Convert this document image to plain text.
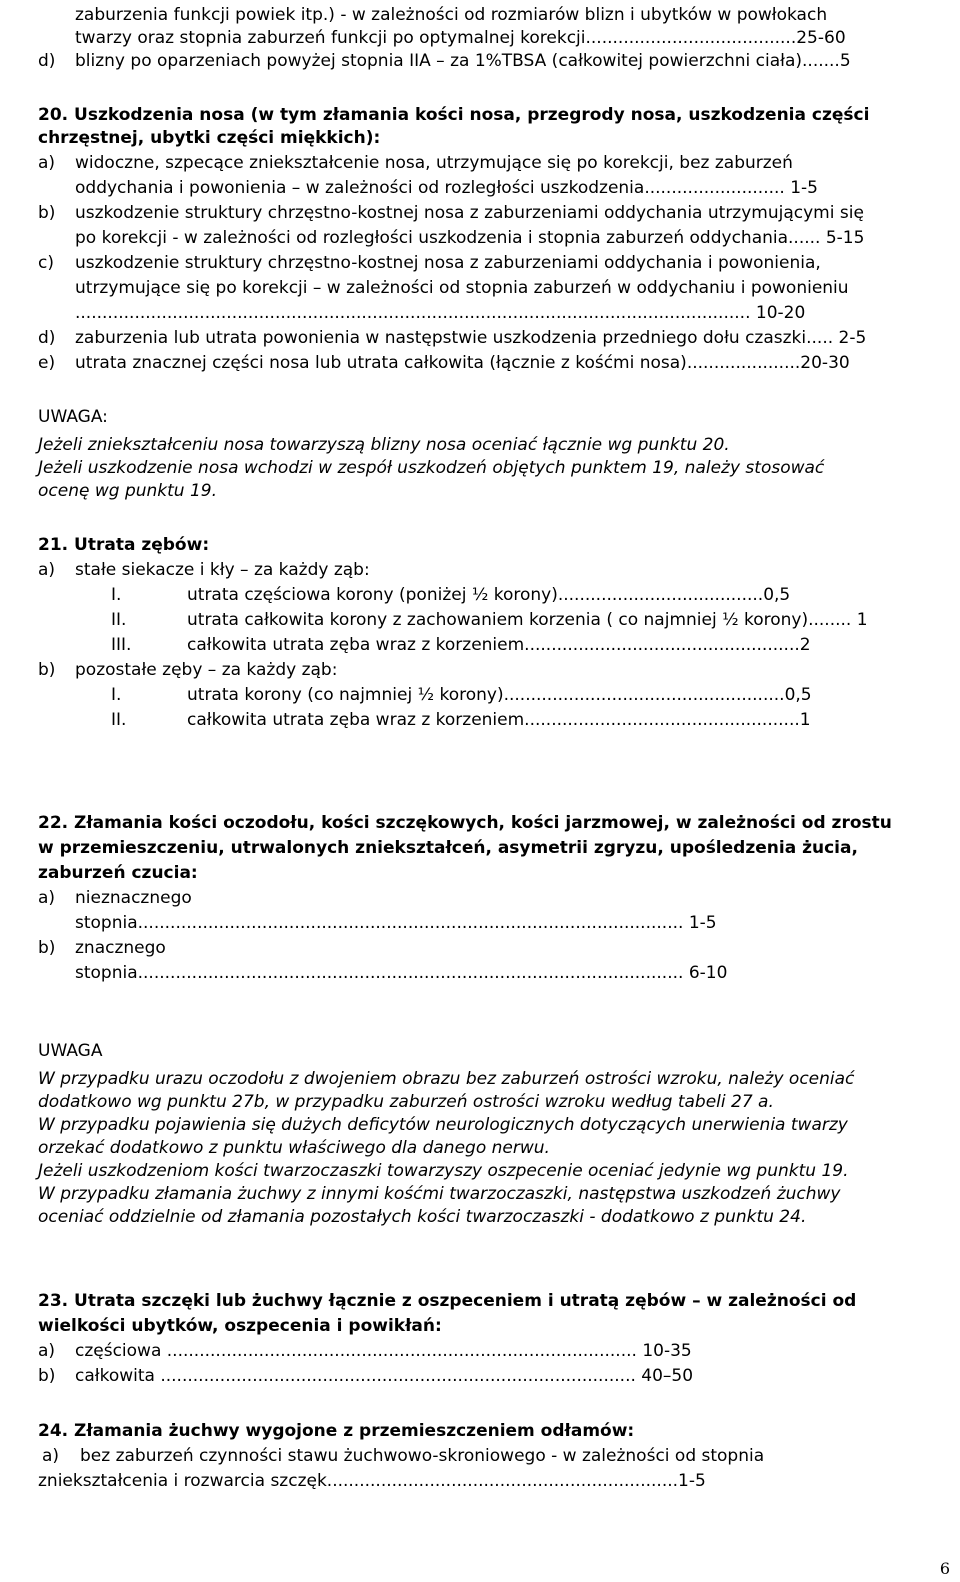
zaburzenia funkcji powiek itp.) - w zależności od rozmiarów blizn i ubytków w powłokach
twarzy oraz stopnia zaburzeń funkcji po optymalnej korekcji.......................................25-60
d) blizny po oparzeniach powyżej stopnia IIA – za 1%TBSA (całkowitej powierzchni ciała).......5
20. Uszkodzenia nosa (w tym złamania kości nosa, przegrody nosa, uszkodzenia części
chrzęstnej, ubytki części miękkich):
a) widoczne, szpecące zniekształcenie nosa, utrzymujące się po korekcji, bez zaburzeń
oddychania i powonienia – w zależności od rozległości uszkodzenia.......................... 1-5
b) uszkodzenie struktury chrzęstno-kostnej nosa z zaburzeniami oddychania utrzymującymi się
po korekcji - w zależności od rozległości uszkodzenia i stopnia zaburzeń oddychania...... 5-15
c) uszkodzenie struktury chrzęstno-kostnej nosa z zaburzeniami oddychania i powonienia,
utrzymujące się po korekcji – w zależności od stopnia zaburzeń w oddychaniu i powonieniu
............................................................................................................................. 10-20
d) zaburzenia lub utrata powonienia w następstwie uszkodzenia przedniego dołu czaszki..... 2-5
e) utrata znacznej części nosa lub utrata całkowita (łącznie z kośćmi nosa).....................20-30
UWAGA:
Jeżeli zniekształceniu nosa towarzyszą blizny nosa oceniać łącznie wg punktu 20.
Jeżeli uszkodzenie nosa wchodzi w zespół uszkodzeń objętych punktem 19, należy stosować
ocenę wg punktu 19.
21. Utrata zębów:
a) stałe siekacze i kły – za każdy ząb:
I.	utrata częściowa korony (poniżej ½ korony)......................................0,5
II.	utrata całkowita korony z zachowaniem korzenia ( co najmniej ½ korony)........ 1
III.	całkowita utrata zęba wraz z korzeniem...................................................2
b) pozostałe zęby – za każdy ząb:
I.	utrata korony (co najmniej ½ korony)....................................................0,5
II.	całkowita utrata zęba wraz z korzeniem...................................................1
22. Złamania kości oczodołu, kości szczękowych, kości jarzmowej, w zależności od zrostu
w przemieszczeniu, utrwalonych zniekształceń, asymetrii zgryzu, upośledzenia żucia,
zaburzeń czucia:
a) nieznacznego
stopnia..................................................................................................... 1-5
b) znacznego
stopnia..................................................................................................... 6-10
UWAGA
W przypadku urazu oczodołu z dwojeniem obrazu bez zaburzeń ostrości wzroku, należy oceniać
dodatkowo wg punktu 27b, w przypadku zaburzeń ostrości wzroku według tabeli 27 a.
W przypadku pojawienia się dużych deficytów neurologicznych dotyczących unerwienia twarzy
orzekać dodatkowo z punktu właściwego dla danego nerwu.
Jeżeli uszkodzeniom kości twarzoczaszki towarzyszy oszpecenie oceniać jedynie wg punktu 19.
W przypadku złamania żuchwy z innymi kośćmi twarzoczaszki, następstwa uszkodzeń żuchwy
oceniać oddzielnie od złamania pozostałych kości twarzoczaszki - dodatkowo z punktu 24.
23. Utrata szczęki lub żuchwy łącznie z oszpeceniem i utratą zębów – w zależności od
wielkości ubytków, oszpecenia i powikłań:
a) częściowa ....................................................................................... 10-35
b) całkowita ........................................................................................ 40–50
24. Złamania żuchwy wygojone z przemieszczeniem odłamów:
a) bez zaburzeń czynności stawu żuchwowo-skroniowego - w zależności od stopnia
zniekształcenia i rozwarcia szczęk.................................................................1-5
6
